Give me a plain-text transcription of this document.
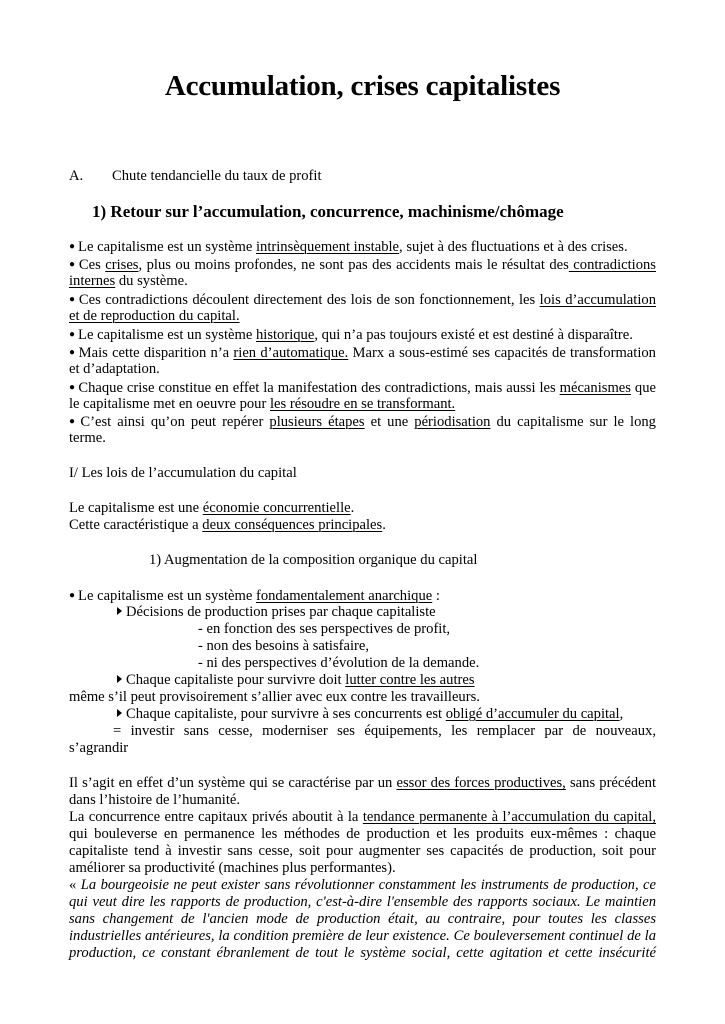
Accumulation, crises capitalistes
A. Chute tendancielle du taux de profit
1) Retour sur l’accumulation, concurrence, machinisme/chômage
● Le capitalisme est un système intrinsèquement instable, sujet à des fluctuations et à des crises.
● Ces crises, plus ou moins profondes, ne sont pas des accidents mais le résultat des contradictions
internes du système.
● Ces contradictions découlent directement des lois de son fonctionnement, les lois d’accumulation
et de reproduction du capital.
● Le capitalisme est un système historique, qui n’a pas toujours existé et est destiné à disparaître.
● Mais cette disparition n’a rien d’automatique. Marx a sous-estimé ses capacités de transformation
et d’adaptation.
● Chaque crise constitue en effet la manifestation des contradictions, mais aussi les mécanismes que
le capitalisme met en oeuvre pour les résoudre en se transformant.
● C’est ainsi qu’on peut repérer plusieurs étapes et une périodisation du capitalisme sur le long
terme.
I/ Les lois de l’accumulation du capital
Le capitalisme est une économie concurrentielle.
Cette caractéristique a deux conséquences principales.
1) Augmentation de la composition organique du capital
● Le capitalisme est un système fondamentalement anarchique :
Décisions de production prises par chaque capitaliste
- en fonction des ses perspectives de profit,
- non des besoins à satisfaire,
- ni des perspectives d’évolution de la demande.
Chaque capitaliste pour survivre doit lutter contre les autres
même s’il peut provisoirement s’allier avec eux contre les travailleurs.
Chaque capitaliste, pour survivre à ses concurrents est obligé d’accumuler du capital,
= investir sans cesse, moderniser ses équipements, les remplacer par de nouveaux,
s’agrandir
Il s’agit en effet d’un système qui se caractérise par un essor des forces productives, sans précédent
dans l’histoire de l’humanité.
La concurrence entre capitaux privés aboutit à la tendance permanente à l’accumulation du capital,
qui bouleverse en permanence les méthodes de production et les produits eux-mêmes : chaque
capitaliste tend à investir sans cesse, soit pour augmenter ses capacités de production, soit pour
améliorer sa productivité (machines plus performantes).
« La bourgeoisie ne peut exister sans révolutionner constamment les instruments de production, ce
qui veut dire les rapports de production, c'est-à-dire l'ensemble des rapports sociaux. Le maintien
sans changement de l'ancien mode de production était, au contraire, pour toutes les classes
industrielles antérieures, la condition première de leur existence. Ce bouleversement continuel de la
production, ce constant ébranlement de tout le système social, cette agitation et cette insécurité
